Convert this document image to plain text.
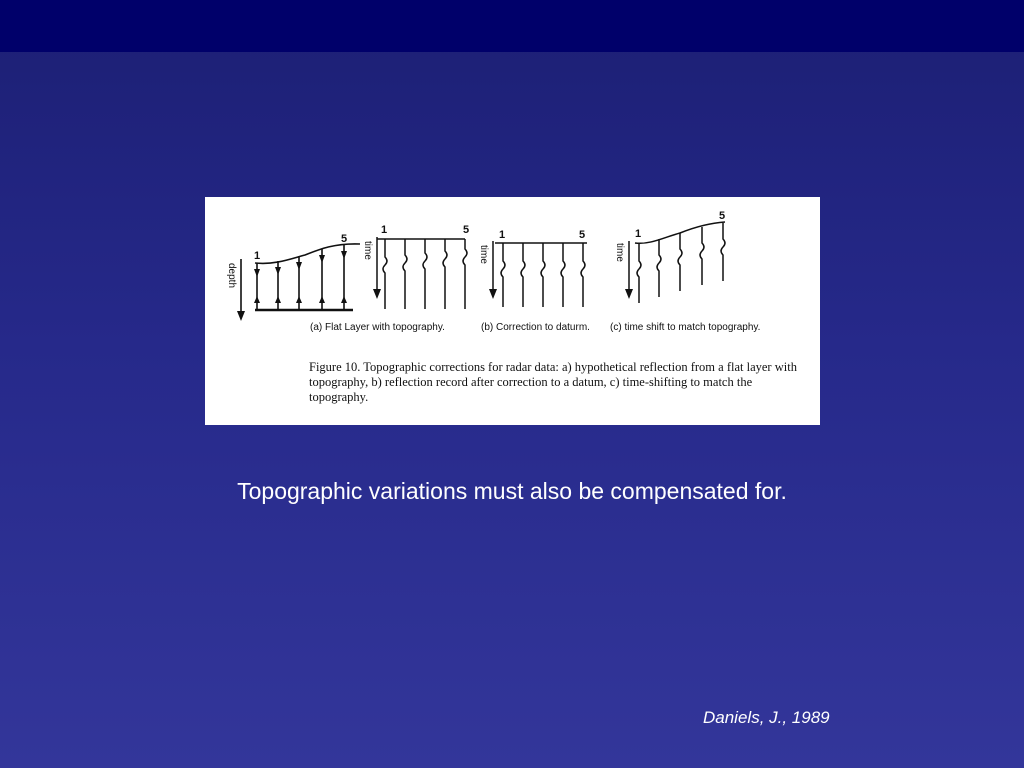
1
5
depth
1	5
time
1	5
time
1
5
time
(a) Flat Layer with topography.	(b) Correction to daturm. (c) time shift to match topography.

Figure 10. Topographic corrections for radar data: a) hypothetical reflection from a flat layer with topography, b) reflection record after correction to a datum, c) time-shifting to match the topography.

Topographic variations must also be compensated for.

Daniels, J., 1989
